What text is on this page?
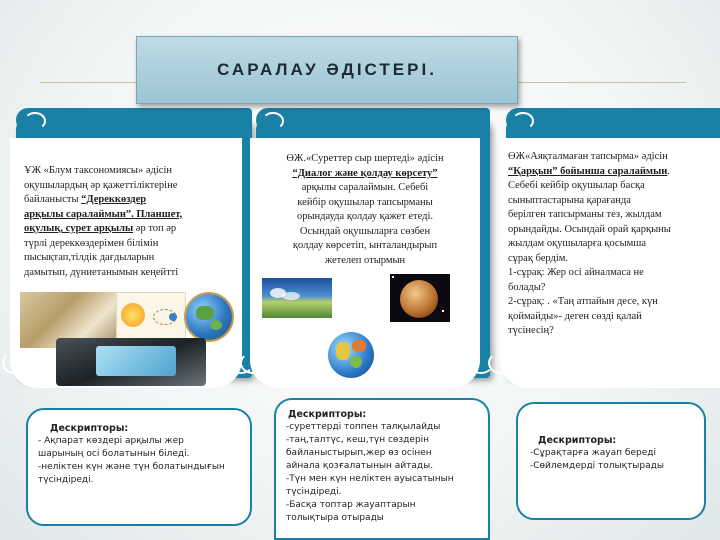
ҰЖ «Блум таксономиясы» әдісін
оқушылардың әр қажеттіліктеріне
байланысты “Дереккөздер
арқылы саралаймын”. Планшет,
оқулық, сурет арқылы әр топ әр
түрлі дереккөздерімен білімін
пысықтап,тілдік дағдыларын
дамытып, дүниетанымын кеңейтті
ӨЖ.«Суреттер сыр шертеді» әдісін
“Диалог және қолдау көрсету”
арқылы саралаймын. Себебі
кейбір оқушылар тапсырманы
орындауда қолдау қажет етеді.
Осындай оқушыларға сөзбен
қолдау көрсетіп, ынталандырып
жетелеп отырмын
ӨЖ«Аяқталмаған тапсырма» әдісін
“Қарқын” бойынша саралаймын.
Себебі кейбір оқушылар басқа
сыныптастарына қарағанда
берілген тапсырманы тез, жылдам
орындайды. Осындай орай қарқыны
жылдам оқушыларға қосымша
сұрақ бердім.
1-сұрақ: Жер осі айналмаса не
болады?
2-сұрақ: . «Таң атпайын десе, күн
қоймайды»- деген сөзді қалай
түсінесің?
САРАЛАУ ӘДІСТЕРІ.
Дескрипторы:
- Ақпарат көздері арқылы жер
шарының осі болатынын біледі.
-неліктен күн және түн болатындығын
түсіндіреді.
Дескрипторы:
-суреттерді топпен талқылайды
-таң,талтүс, кеш,түн сөздерін
байланыстырып,жер өз осінен
айнала қозғалатынын айтады.
-Түн мен күн неліктен ауысатынын
түсіндіреді.
-Басқа топтар жауаптарын
толықтыра отырады
Дескрипторы:
-Сұрақтарға жауап береді
-Сөйлемдерді толықтырады
